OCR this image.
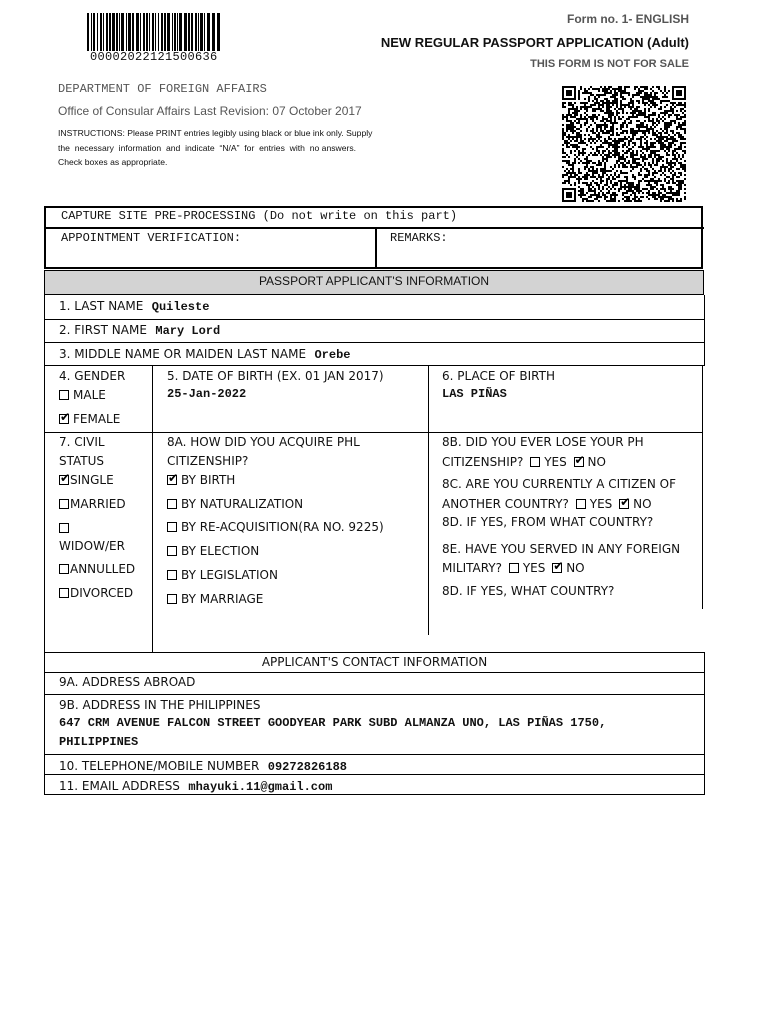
00002022121500636
Form no. 1- ENGLISH
NEW REGULAR PASSPORT APPLICATION (Adult)
THIS FORM IS NOT FOR SALE
DEPARTMENT OF FOREIGN AFFAIRS
Office of Consular Affairs Last Revision: 07 October 2017
INSTRUCTIONS: Please PRINT entries legibly using black or blue ink only. Supply
the  necessary  information  and  indicate  “N/A”  for  entries  with  no answers.
Check boxes as appropriate.
CAPTURE SITE PRE-PROCESSING (Do not write on this part)
APPOINTMENT VERIFICATION:	REMARKS:
PASSPORT APPLICANT'S INFORMATION
1. LAST NAME Quileste
2. FIRST NAME Mary Lord
3. MIDDLE NAME OR MAIDEN LAST NAME Orebe
4. GENDER
MALE
✔FEMALE
5. DATE OF BIRTH (EX. 01 JAN 2017)
25-Jan-2022
6. PLACE OF BIRTH
LAS PIÑAS
7. CIVIL
STATUS
✔SINGLE
MARRIED
WIDOW/ER
ANNULLED
DIVORCED
8A. HOW DID YOU ACQUIRE PHL
CITIZENSHIP?
✔BY BIRTH
BY NATURALIZATION
BY RE-ACQUISITION(RA NO. 9225)
BY ELECTION
BY LEGISLATION
BY MARRIAGE
8B. DID YOU EVER LOSE YOUR PH
CITIZENSHIP? YES ✔ NO
8C. ARE YOU CURRENTLY A CITIZEN OF
ANOTHER COUNTRY? YES ✔ NO
8D. IF YES, FROM WHAT COUNTRY?
8E. HAVE YOU SERVED IN ANY FOREIGN
MILITARY? YES ✔ NO
8D. IF YES, WHAT COUNTRY?
APPLICANT'S CONTACT INFORMATION
9A. ADDRESS ABROAD
9B. ADDRESS IN THE PHILIPPINES
647 CRM AVENUE FALCON STREET GOODYEAR PARK SUBD ALMANZA UNO, LAS PIÑAS 1750,
PHILIPPINES
10. TELEPHONE/MOBILE NUMBER 09272826188
11. EMAIL ADDRESS mhayuki.11@gmail.com
